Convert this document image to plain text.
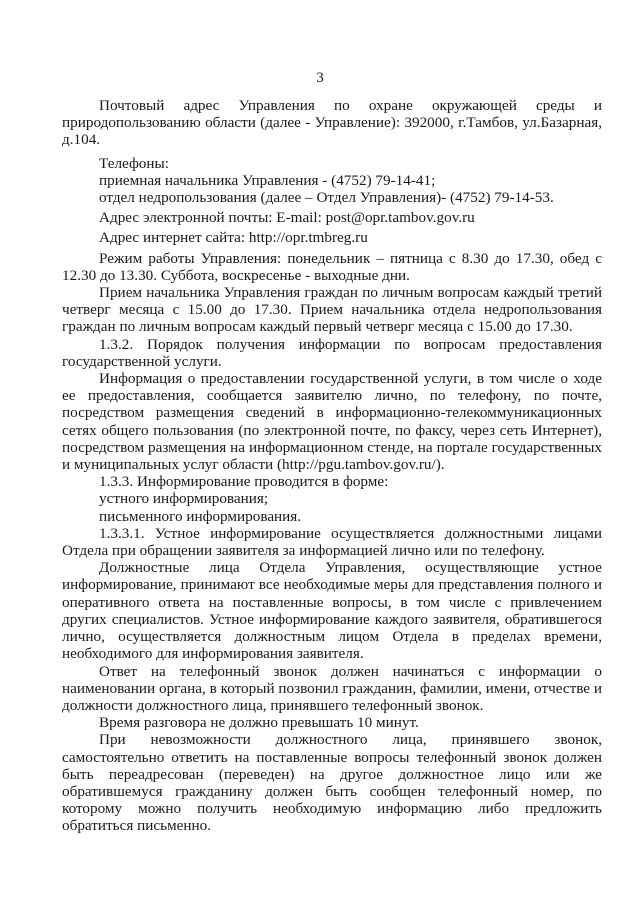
3

Почтовый адрес Управления по охране окружающей среды и природопользованию области (далее - Управление): 392000, г.Тамбов, ул.Базарная, д.104.

Телефоны:

приемная начальника Управления - (4752) 79-14-41;

отдел недропользования (далее – Отдел Управления)- (4752) 79-14-53.

Адрес электронной почты: E-mail: post@opr.tambov.gov.ru

Адрес интернет сайта: http://opr.tmbreg.ru

Режим работы Управления: понедельник – пятница с 8.30 до 17.30, обед с 12.30 до 13.30. Суббота, воскресенье - выходные дни.

Прием начальника Управления граждан по личным вопросам каждый третий четверг месяца с 15.00 до 17.30. Прием начальника отдела недропользования граждан по личным вопросам каждый первый четверг месяца с 15.00 до 17.30.

1.3.2. Порядок получения информации по вопросам предоставления государственной услуги.

Информация о предоставлении государственной услуги, в том числе о ходе ее предоставления, сообщается заявителю лично, по телефону, по почте, посредством размещения сведений в информационно-телекоммуникационных сетях общего пользования (по электронной почте, по факсу, через сеть Интернет), посредством размещения на информационном стенде, на портале государственных и муниципальных услуг области (http://pgu.tambov.gov.ru/).

1.3.3. Информирование проводится в форме:

устного информирования;

письменного информирования.

1.3.3.1. Устное информирование осуществляется должностными лицами Отдела при обращении заявителя за информацией лично или по телефону.

Должностные лица Отдела Управления, осуществляющие устное информирование, принимают все необходимые меры для представления полного и оперативного ответа на поставленные вопросы, в том числе с привлечением других специалистов. Устное информирование каждого заявителя, обратившегося лично, осуществляется должностным лицом Отдела в пределах времени, необходимого для информирования заявителя.

Ответ на телефонный звонок должен начинаться с информации о наименовании органа, в который позвонил гражданин, фамилии, имени, отчестве и должности должностного лица, принявшего телефонный звонок.

Время разговора не должно превышать 10 минут.

При невозможности должностного лица, принявшего звонок, самостоятельно ответить на поставленные вопросы телефонный звонок должен быть переадресован (переведен) на другое должностное лицо или же обратившемуся гражданину должен быть сообщен телефонный номер, по которому можно получить необходимую информацию либо предложить обратиться письменно.
